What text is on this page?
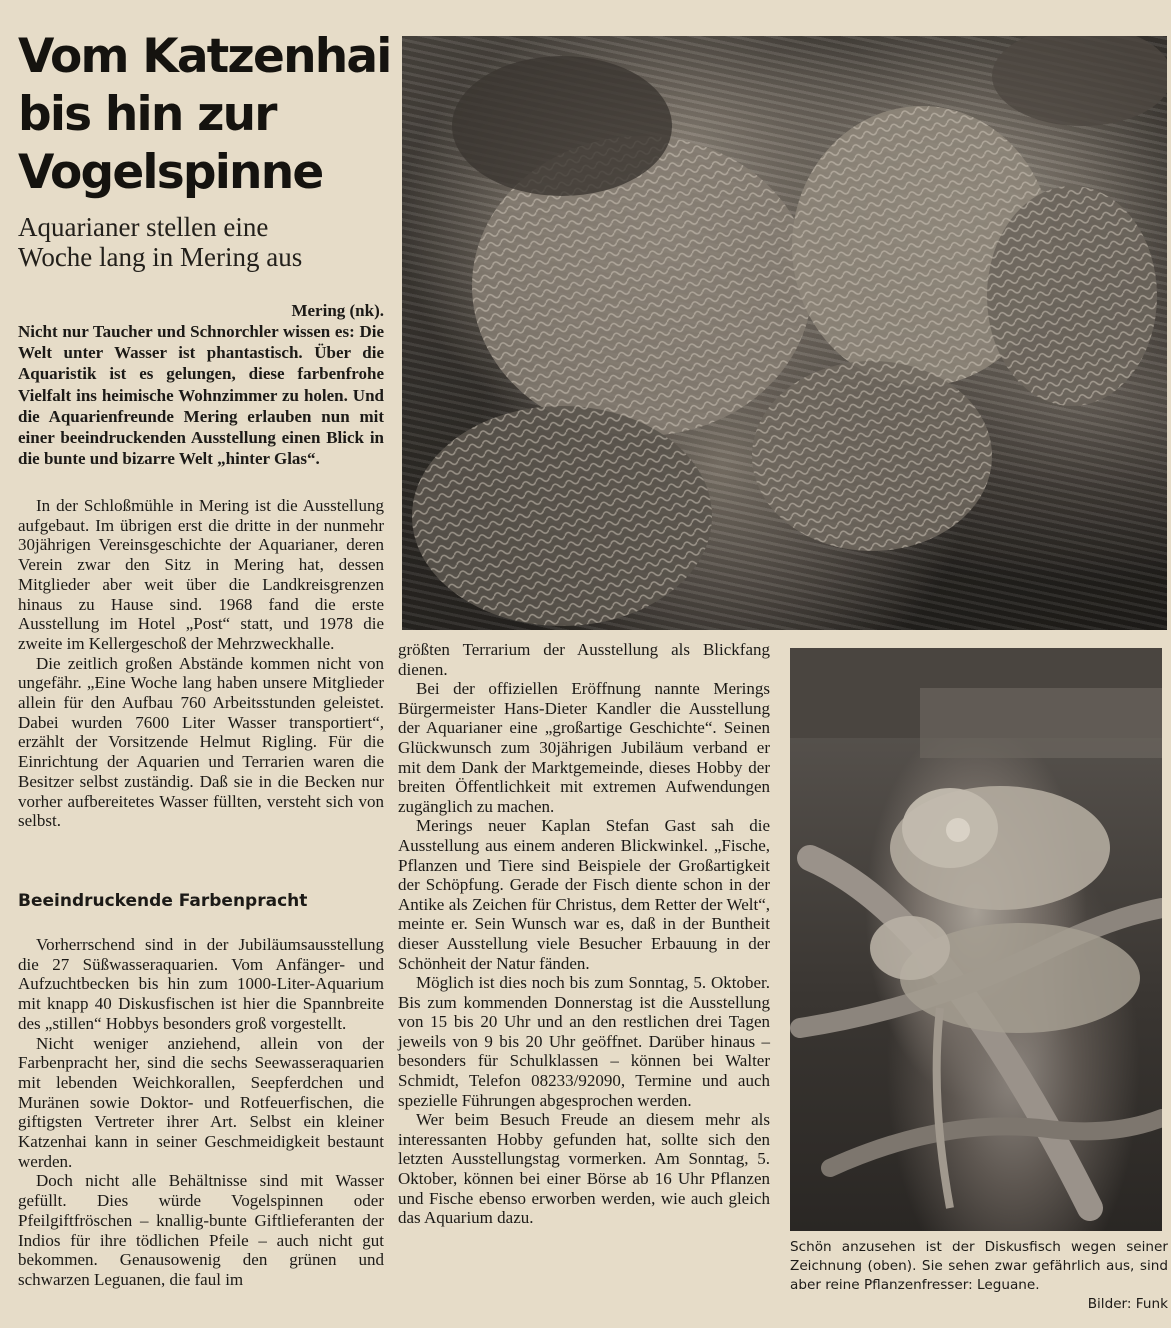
Vom Katzenhai
bis hin zur
Vogelspinne
Aquarianer stellen eine
Woche lang in Mering aus
Mering (nk).
Nicht nur Taucher und Schnorchler wissen es: Die Welt unter Wasser ist phantastisch. Über die Aquaristik ist es gelungen, diese farbenfrohe Vielfalt ins heimische Wohnzimmer zu holen. Und die Aquarienfreunde Mering erlauben nun mit einer beeindruckenden Ausstellung einen Blick in die bunte und bizarre Welt „hinter Glas“.

In der Schloßmühle in Mering ist die Ausstellung aufgebaut. Im übrigen erst die dritte in der nunmehr 30jährigen Vereinsgeschichte der Aquarianer, deren Verein zwar den Sitz in Mering hat, dessen Mitglieder aber weit über die Landkreisgrenzen hinaus zu Hause sind. 1968 fand die erste Ausstellung im Hotel „Post“ statt, und 1978 die zweite im Kellergeschoß der Mehrzweckhalle.

Die zeitlich großen Abstände kommen nicht von ungefähr. „Eine Woche lang haben unsere Mitglieder allein für den Aufbau 760 Arbeitsstunden geleistet. Dabei wurden 7600 Liter Wasser transportiert“, erzählt der Vorsitzende Helmut Rigling. Für die Einrichtung der Aquarien und Terrarien waren die Besitzer selbst zuständig. Daß sie in die Becken nur vorher aufbereitetes Wasser füllten, versteht sich von selbst.

Beeindruckende Farbenpracht

Vorherrschend sind in der Jubiläumsausstellung die 27 Süßwasseraquarien. Vom Anfänger- und Aufzuchtbecken bis hin zum 1000-Liter-Aquarium mit knapp 40 Diskusfischen ist hier die Spannbreite des „stillen“ Hobbys besonders groß vorgestellt.

Nicht weniger anziehend, allein von der Farbenpracht her, sind die sechs Seewasseraquarien mit lebenden Weichkorallen, Seepferdchen und Muränen sowie Doktor- und Rotfeuerfischen, die giftigsten Vertreter ihrer Art. Selbst ein kleiner Katzenhai kann in seiner Geschmeidigkeit bestaunt werden.

Doch nicht alle Behältnisse sind mit Wasser gefüllt. Dies würde Vogelspinnen oder Pfeilgiftfröschen – knallig-bunte Giftlieferanten der Indios für ihre tödlichen Pfeile – auch nicht gut bekommen. Genausowenig den grünen und schwarzen Leguanen, die faul im

größten Terrarium der Ausstellung als Blickfang dienen.

Bei der offiziellen Eröffnung nannte Merings Bürgermeister Hans-Dieter Kandler die Ausstellung der Aquarianer eine „großartige Geschichte“. Seinen Glückwunsch zum 30jährigen Jubiläum verband er mit dem Dank der Marktgemeinde, dieses Hobby der breiten Öffentlichkeit mit extremen Aufwendungen zugänglich zu machen.

Merings neuer Kaplan Stefan Gast sah die Ausstellung aus einem anderen Blickwinkel. „Fische, Pflanzen und Tiere sind Beispiele der Großartigkeit der Schöpfung. Gerade der Fisch diente schon in der Antike als Zeichen für Christus, dem Retter der Welt“, meinte er. Sein Wunsch war es, daß in der Buntheit dieser Ausstellung viele Besucher Erbauung in der Schönheit der Natur fänden.

Möglich ist dies noch bis zum Sonntag, 5. Oktober. Bis zum kommenden Donnerstag ist die Ausstellung von 15 bis 20 Uhr und an den restlichen drei Tagen jeweils von 9 bis 20 Uhr geöffnet. Darüber hinaus – besonders für Schulklassen – können bei Walter Schmidt, Telefon 08233/92090, Termine und auch spezielle Führungen abgesprochen werden.

Wer beim Besuch Freude an diesem mehr als interessanten Hobby gefunden hat, sollte sich den letzten Ausstellungstag vormerken. Am Sonntag, 5. Oktober, können bei einer Börse ab 16 Uhr Pflanzen und Fische ebenso erworben werden, wie auch gleich das Aquarium dazu.

Schön anzusehen ist der Diskusfisch wegen seiner Zeichnung (oben). Sie sehen zwar gefährlich aus, sind aber reine Pflanzenfresser: Leguane.
Bilder: Funk
